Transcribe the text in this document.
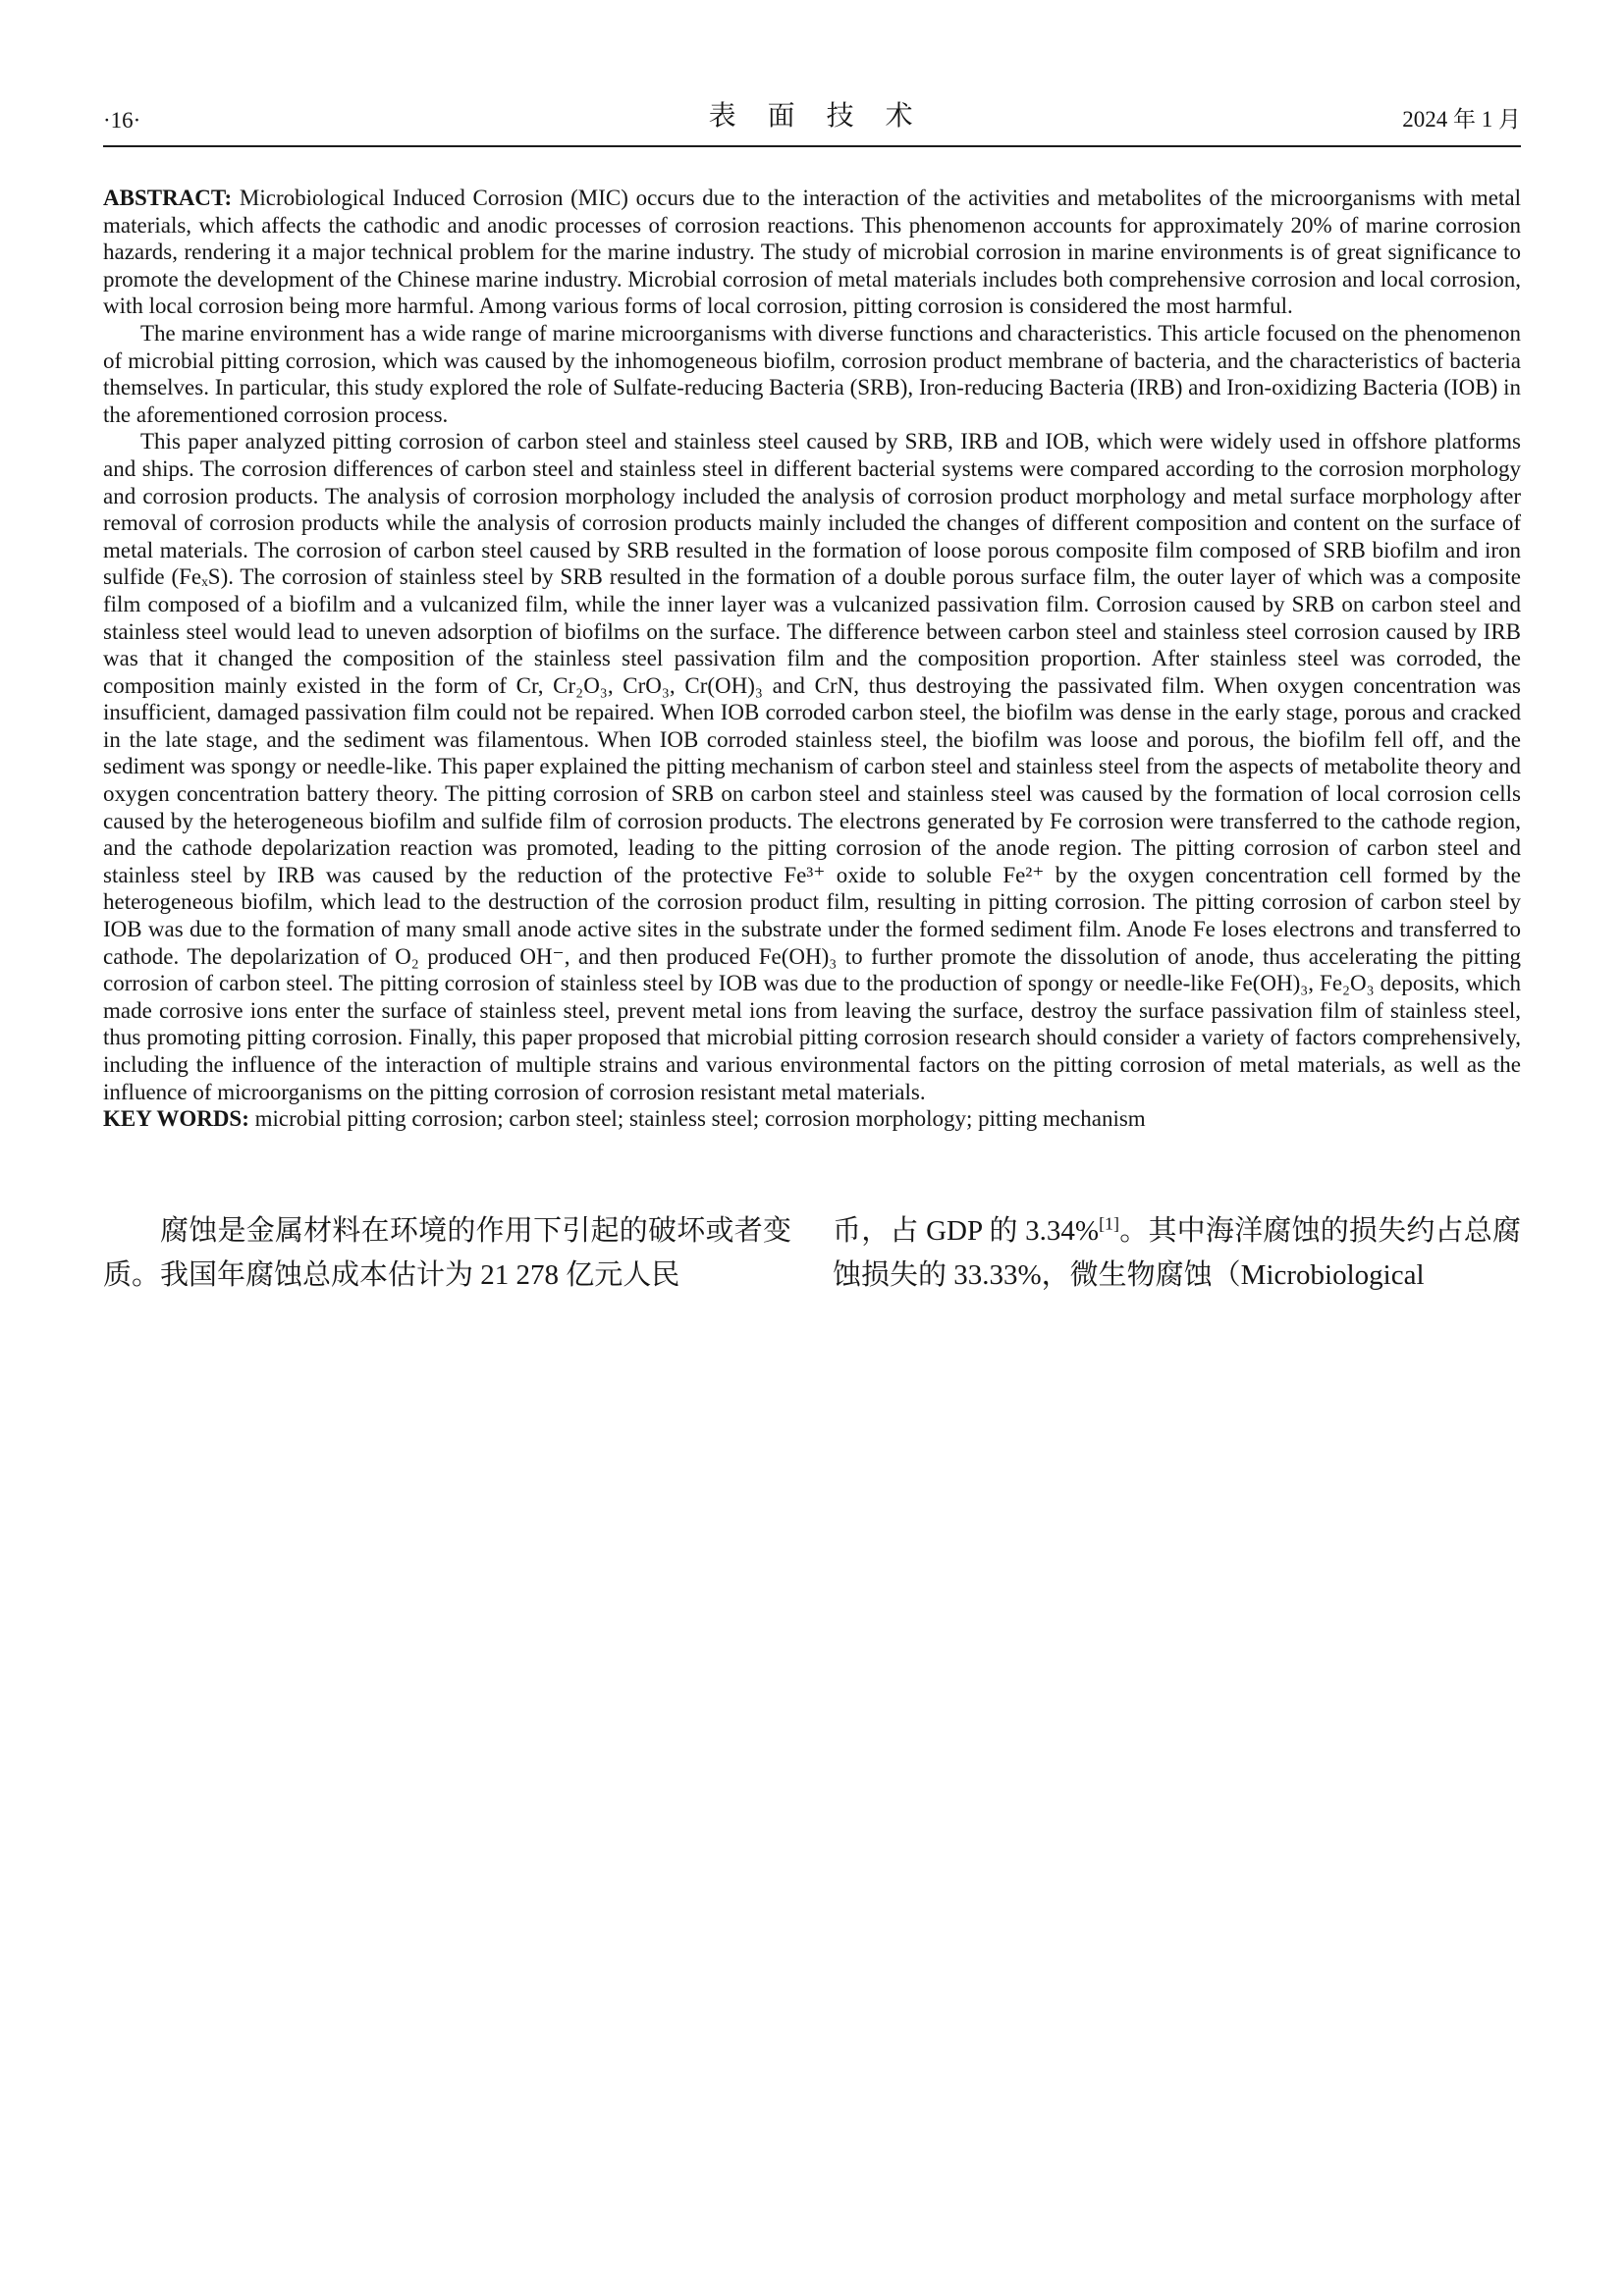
·16·	表　面　技　术	2024 年 1 月

ABSTRACT: Microbiological Induced Corrosion (MIC) occurs due to the interaction of the activities and metabolites of the microorganisms with metal materials, which affects the cathodic and anodic processes of corrosion reactions. This phenomenon accounts for approximately 20% of marine corrosion hazards, rendering it a major technical problem for the marine industry. The study of microbial corrosion in marine environments is of great significance to promote the development of the Chinese marine industry. Microbial corrosion of metal materials includes both comprehensive corrosion and local corrosion, with local corrosion being more harmful. Among various forms of local corrosion, pitting corrosion is considered the most harmful.

The marine environment has a wide range of marine microorganisms with diverse functions and characteristics. This article focused on the phenomenon of microbial pitting corrosion, which was caused by the inhomogeneous biofilm, corrosion product membrane of bacteria, and the characteristics of bacteria themselves. In particular, this study explored the role of Sulfate-reducing Bacteria (SRB), Iron-reducing Bacteria (IRB) and Iron-oxidizing Bacteria (IOB) in the aforementioned corrosion process.

This paper analyzed pitting corrosion of carbon steel and stainless steel caused by SRB, IRB and IOB, which were widely used in offshore platforms and ships. The corrosion differences of carbon steel and stainless steel in different bacterial systems were compared according to the corrosion morphology and corrosion products. The analysis of corrosion morphology included the analysis of corrosion product morphology and metal surface morphology after removal of corrosion products while the analysis of corrosion products mainly included the changes of different composition and content on the surface of metal materials. The corrosion of carbon steel caused by SRB resulted in the formation of loose porous composite film composed of SRB biofilm and iron sulfide (FeₓS). The corrosion of stainless steel by SRB resulted in the formation of a double porous surface film, the outer layer of which was a composite film composed of a biofilm and a vulcanized film, while the inner layer was a vulcanized passivation film. Corrosion caused by SRB on carbon steel and stainless steel would lead to uneven adsorption of biofilms on the surface. The difference between carbon steel and stainless steel corrosion caused by IRB was that it changed the composition of the stainless steel passivation film and the composition proportion. After stainless steel was corroded, the composition mainly existed in the form of Cr, Cr₂O₃, CrO₃, Cr(OH)₃ and CrN, thus destroying the passivated film. When oxygen concentration was insufficient, damaged passivation film could not be repaired. When IOB corroded carbon steel, the biofilm was dense in the early stage, porous and cracked in the late stage, and the sediment was filamentous. When IOB corroded stainless steel, the biofilm was loose and porous, the biofilm fell off, and the sediment was spongy or needle-like. This paper explained the pitting mechanism of carbon steel and stainless steel from the aspects of metabolite theory and oxygen concentration battery theory. The pitting corrosion of SRB on carbon steel and stainless steel was caused by the formation of local corrosion cells caused by the heterogeneous biofilm and sulfide film of corrosion products. The electrons generated by Fe corrosion were transferred to the cathode region, and the cathode depolarization reaction was promoted, leading to the pitting corrosion of the anode region. The pitting corrosion of carbon steel and stainless steel by IRB was caused by the reduction of the protective Fe³⁺ oxide to soluble Fe²⁺ by the oxygen concentration cell formed by the heterogeneous biofilm, which lead to the destruction of the corrosion product film, resulting in pitting corrosion. The pitting corrosion of carbon steel by IOB was due to the formation of many small anode active sites in the substrate under the formed sediment film. Anode Fe loses electrons and transferred to cathode. The depolarization of O₂ produced OH⁻, and then produced Fe(OH)₃ to further promote the dissolution of anode, thus accelerating the pitting corrosion of carbon steel. The pitting corrosion of stainless steel by IOB was due to the production of spongy or needle-like Fe(OH)₃, Fe₂O₃ deposits, which made corrosive ions enter the surface of stainless steel, prevent metal ions from leaving the surface, destroy the surface passivation film of stainless steel, thus promoting pitting corrosion. Finally, this paper proposed that microbial pitting corrosion research should consider a variety of factors comprehensively, including the influence of the interaction of multiple strains and various environmental factors on the pitting corrosion of metal materials, as well as the influence of microorganisms on the pitting corrosion of corrosion resistant metal materials.

KEY WORDS: microbial pitting corrosion; carbon steel; stainless steel; corrosion morphology; pitting mechanism

腐蚀是金属材料在环境的作用下引起的破坏或者变质。我国年腐蚀总成本估计为 21 278 亿元人民
币，占 GDP 的 3.34%[1]。其中海洋腐蚀的损失约占总腐蚀损失的 33.33%，微生物腐蚀（Microbiological
